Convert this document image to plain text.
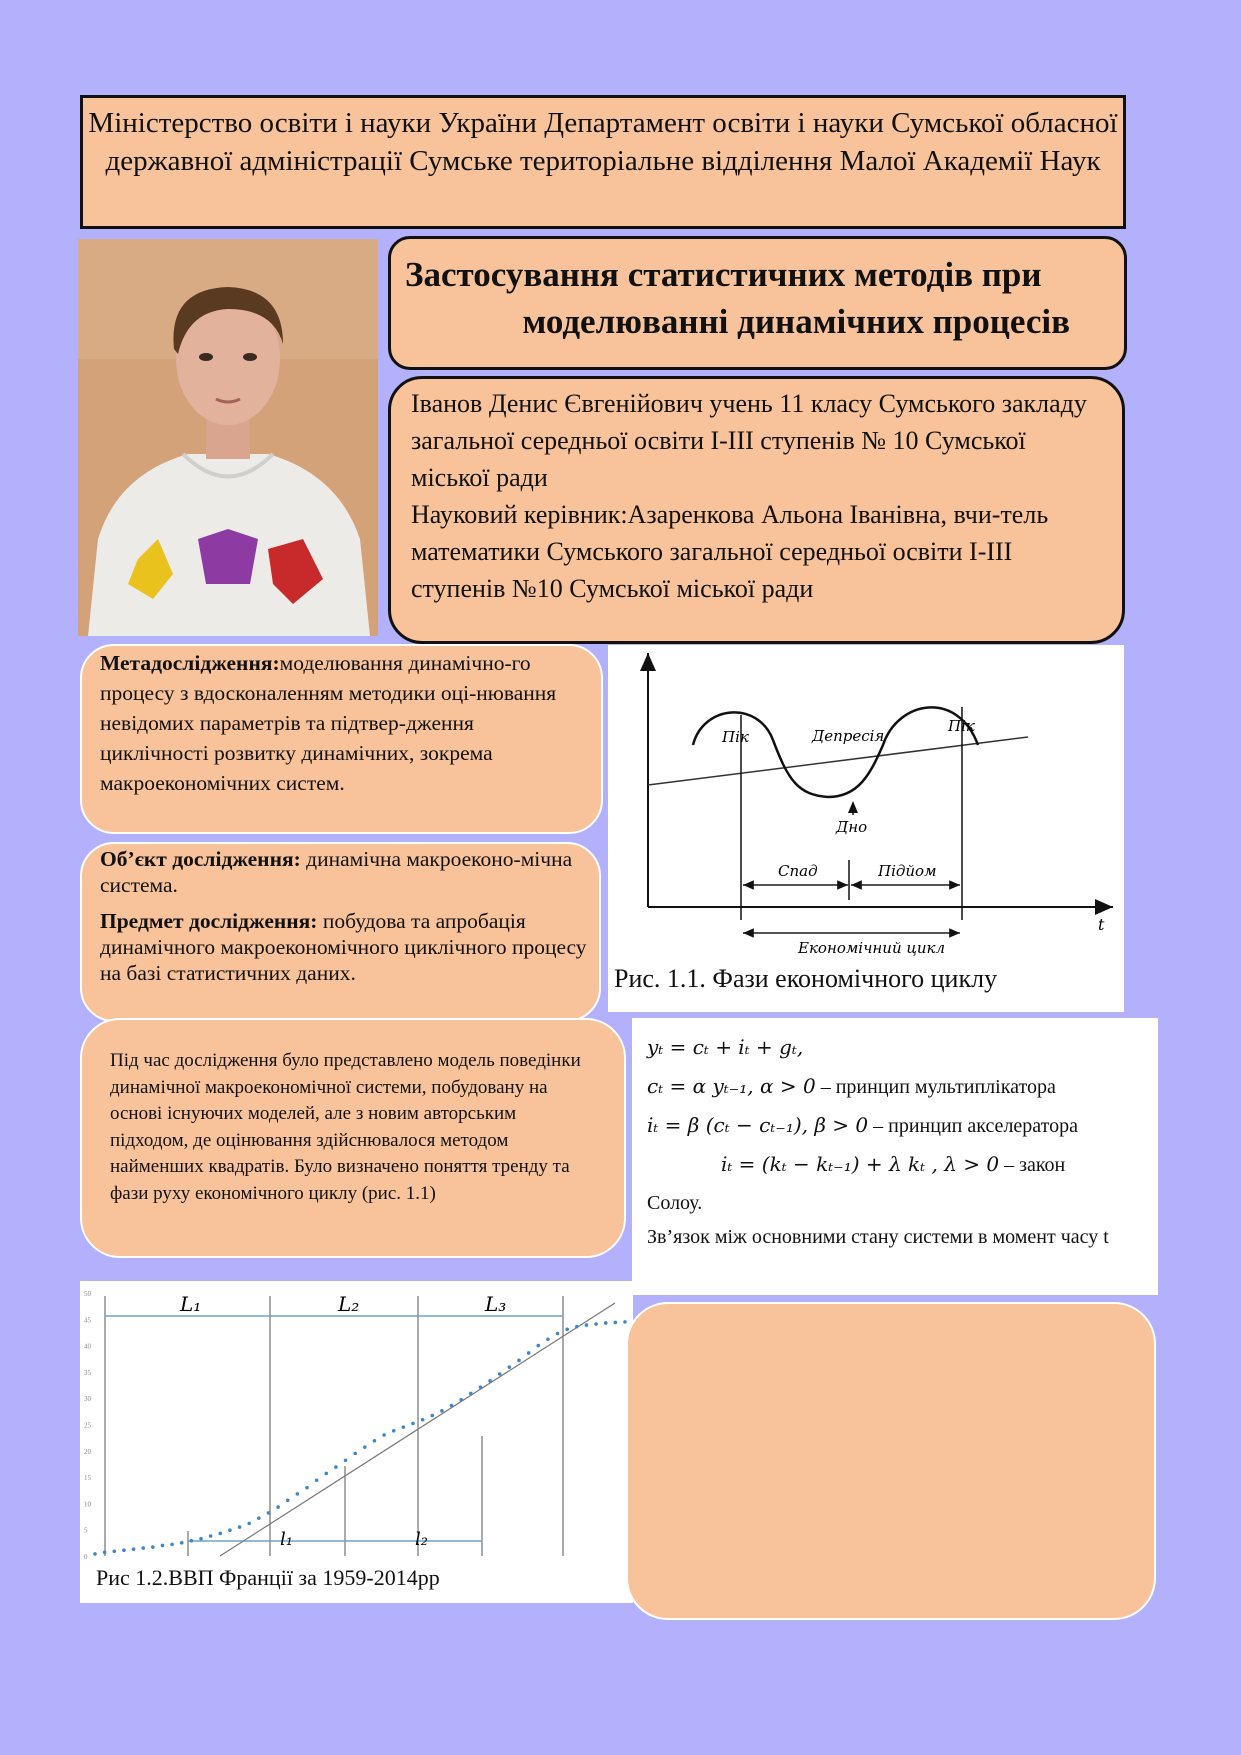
Міністерство освіти і науки України Департамент освіти і науки Сумської обласної державної адміністрації Сумське територіальне відділення Малої Академії Наук
Застосування статистичних методів при
моделюванні динамічних процесів
Іванов Денис Євгенійович учень 11 класу Сумського закладу загальної середньої освіти І-ІІІ ступенів № 10 Сумської міської ради
Науковий керівник:Азаренкова Альона Іванівна, вчи-тель математики Сумського загальної середньої освіти І-ІІІ ступенів №10 Сумської міської ради
Метадослідження:моделювання динамічно-го процесу з вдосконаленням методики оці-нювання невідомих параметрів та підтвер-дження циклічності розвитку динамічних, зокрема макроекономічних систем.

Об’єкт дослідження: динамічна макроеконо-мічна система.

Предмет дослідження: побудова та апробація динамічного макроекономічного циклічного процесу на базі статистичних даних.

Під час дослідження було представлено модель поведінки динамічної макроекономічної системи, побудовану на основі існуючих моделей, але з новим авторським підходом, де оцінювання здійснювалося методом найменших квадратів. Було визначено поняття тренду та фази руху економічного циклу (рис. 1.1)
Пік	Депресія
Пік
Дно
Спад	Підйом
Економічний цикл
t
Рис. 1.1. Фази економічного циклу
yₜ = cₜ + iₜ + gₜ,
cₜ = α yₜ₋₁, α > 0 – принцип мультиплікатора
iₜ = β (cₜ − cₜ₋₁), β > 0 – принцип акселератора
iₜ = (kₜ − kₜ₋₁) + λ kₜ , λ > 0 – закон
Солоу.
Зв’язок між основними стану системи в момент часу t
0
5
10
15
20
25
30
35
40
45
50	L₁	L₂	L₃
l₁	l₂
Рис 1.2.ВВП Франції за 1959-2014рр
